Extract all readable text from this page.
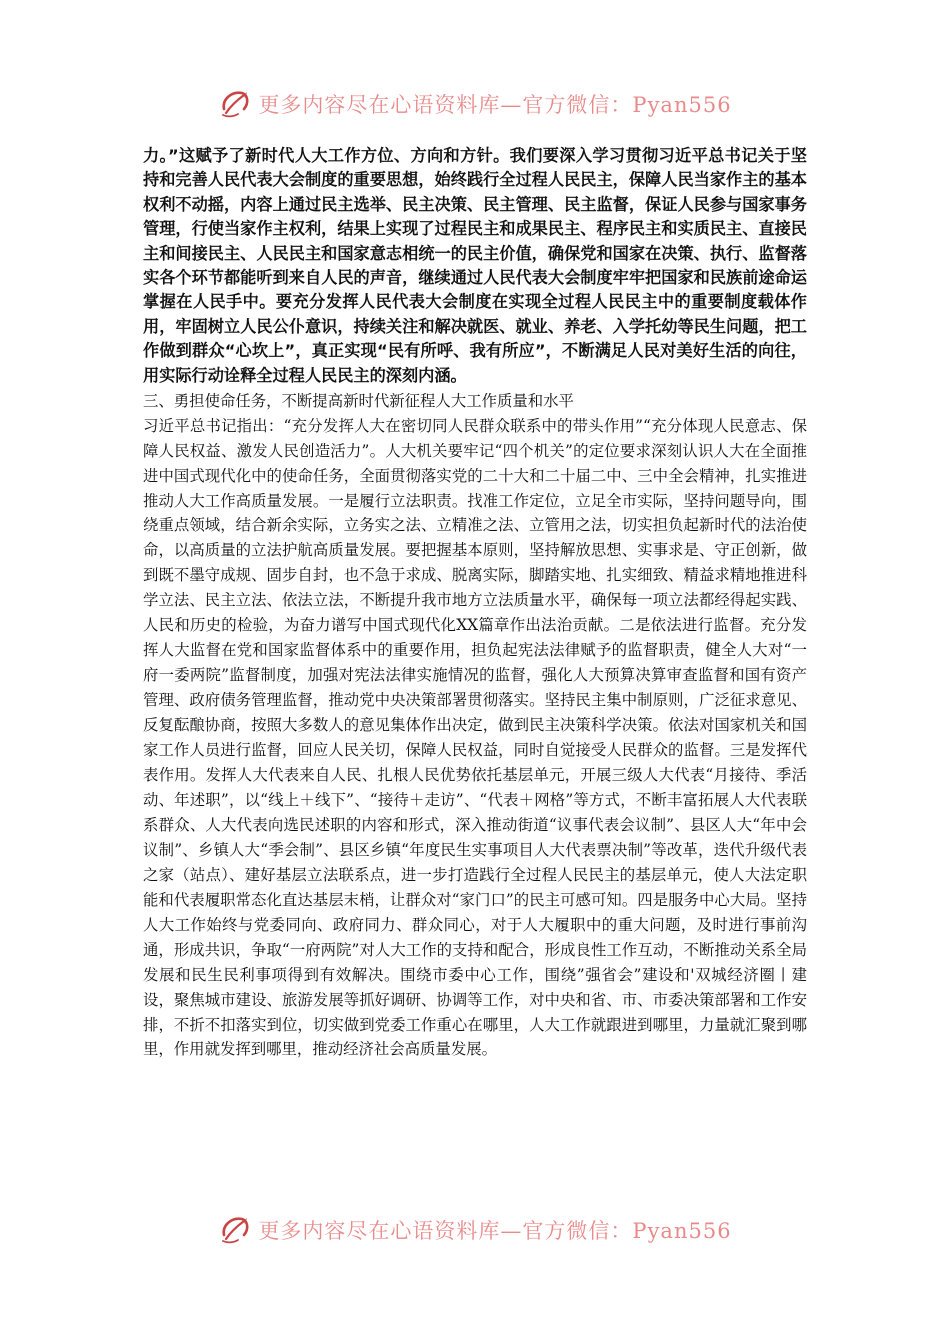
更多内容尽在心语资料库—官方微信：Pyan556

力。”这赋予了新时代人大工作方位、方向和方针。我们要深入学习贯彻习近平总书记关于坚持和完善人民代表大会制度的重要思想，始终践行全过程人民民主，保障人民当家作主的基本权利不动摇，内容上通过民主选举、民主决策、民主管理、民主监督，保证人民参与国家事务管理，行使当家作主权利，结果上实现了过程民主和成果民主、程序民主和实质民主、直接民主和间接民主、人民民主和国家意志相统一的民主价值，确保党和国家在决策、执行、监督落实各个环节都能听到来自人民的声音，继续通过人民代表大会制度牢牢把国家和民族前途命运掌握在人民手中。要充分发挥人民代表大会制度在实现全过程人民民主中的重要制度载体作用，牢固树立人民公仆意识，持续关注和解决就医、就业、养老、入学托幼等民生问题，把工作做到群众“心坎上”，真正实现“民有所呼、我有所应”，不断满足人民对美好生活的向往，用实际行动诠释全过程人民民主的深刻内涵。

三、勇担使命任务，不断提高新时代新征程人大工作质量和水平

习近平总书记指出：“充分发挥人大在密切同人民群众联系中的带头作用”“充分体现人民意志、保障人民权益、激发人民创造活力”。人大机关要牢记“四个机关”的定位要求深刻认识人大在全面推进中国式现代化中的使命任务，全面贯彻落实党的二十大和二十届二中、三中全会精神，扎实推进推动人大工作高质量发展。一是履行立法职责。找准工作定位，立足全市实际，坚持问题导向，围绕重点领域，结合新余实际，立务实之法、立精准之法、立管用之法，切实担负起新时代的法治使命，以高质量的立法护航高质量发展。要把握基本原则，坚持解放思想、实事求是、守正创新，做到既不墨守成规、固步自封，也不急于求成、脱离实际，脚踏实地、扎实细致、精益求精地推进科学立法、民主立法、依法立法，不断提升我市地方立法质量水平，确保每一项立法都经得起实践、人民和历史的检验，为奋力谱写中国式现代化XX篇章作出法治贡献。二是依法进行监督。充分发挥人大监督在党和国家监督体系中的重要作用，担负起宪法法律赋予的监督职责，健全人大对“一府一委两院”监督制度，加强对宪法法律实施情况的监督，强化人大预算决算审查监督和国有资产管理、政府债务管理监督，推动党中央决策部署贯彻落实。坚持民主集中制原则，广泛征求意见、反复酝酿协商，按照大多数人的意见集体作出决定，做到民主决策科学决策。依法对国家机关和国家工作人员进行监督，回应人民关切，保障人民权益，同时自觉接受人民群众的监督。三是发挥代表作用。发挥人大代表来自人民、扎根人民优势依托基层单元，开展三级人大代表“月接待、季活动、年述职”，以“线上＋线下”、“接待＋走访”、“代表＋网格”等方式，不断丰富拓展人大代表联系群众、人大代表向选民述职的内容和形式，深入推动街道“议事代表会议制”、县区人大“年中会议制”、乡镇人大“季会制”、县区乡镇“年度民生实事项目人大代表票决制”等改革，迭代升级代表之家（站点）、建好基层立法联系点，进一步打造践行全过程人民民主的基层单元，使人大法定职能和代表履职常态化直达基层末梢，让群众对“家门口”的民主可感可知。四是服务中心大局。坚持人大工作始终与党委同向、政府同力、群众同心，对于人大履职中的重大问题，及时进行事前沟通，形成共识，争取“一府两院”对人大工作的支持和配合，形成良性工作互动，不断推动关系全局发展和民生民利事项得到有效解决。围绕市委中心工作，围绕”强省会”建设和'双城经济圈丨建设，聚焦城市建设、旅游发展等抓好调研、协调等工作，对中央和省、市、市委决策部署和工作安排，不折不扣落实到位，切实做到党委工作重心在哪里，人大工作就跟进到哪里，力量就汇聚到哪里，作用就发挥到哪里，推动经济社会高质量发展。

更多内容尽在心语资料库—官方微信：Pyan556
